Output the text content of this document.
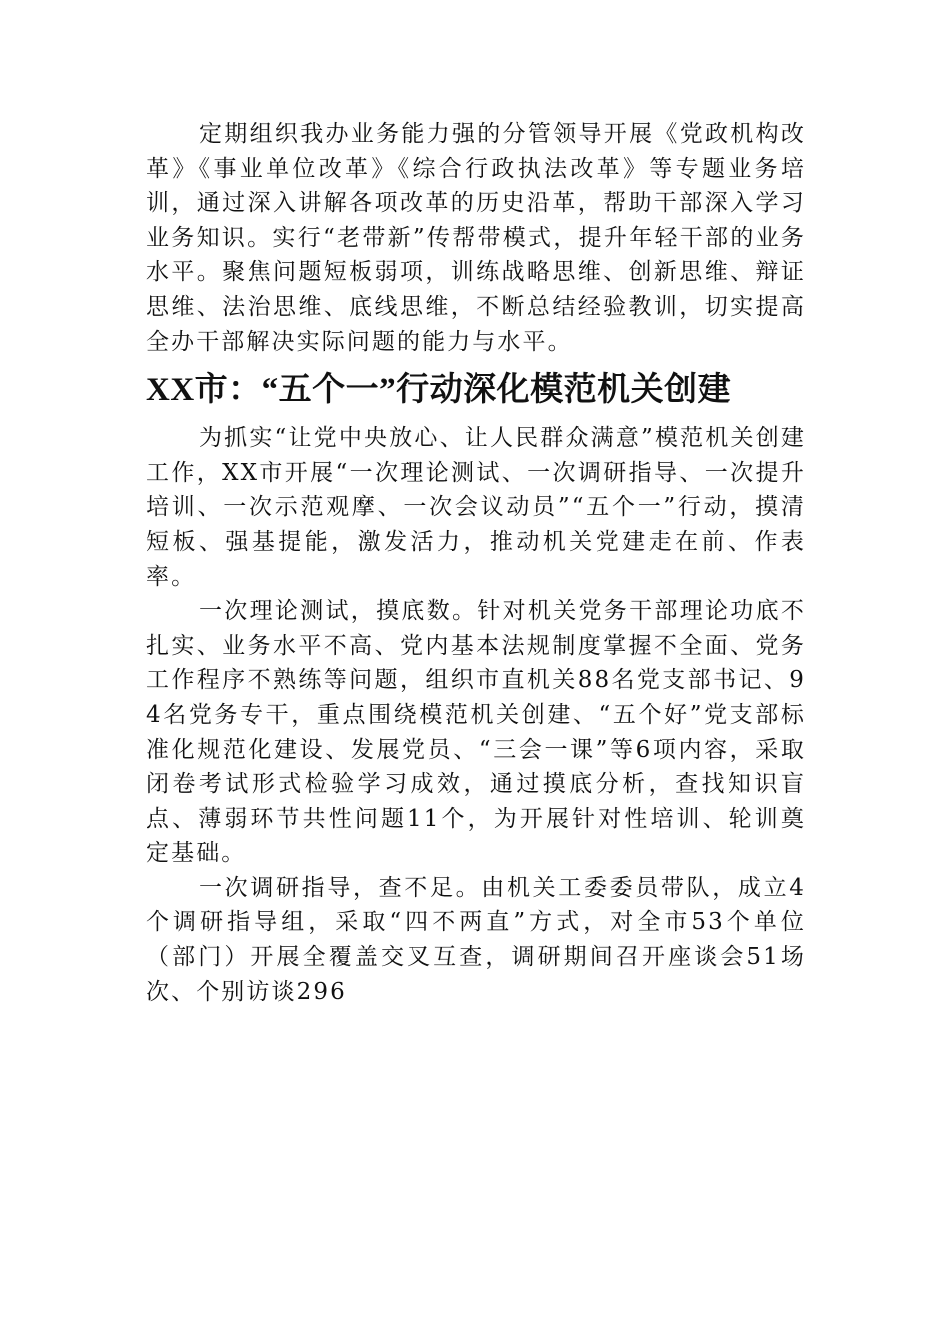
定期组织我办业务能力强的分管领导开展《党政机构改革》《事业单位改革》《综合行政执法改革》等专题业务培训，通过深入讲解各项改革的历史沿革，帮助干部深入学习业务知识。实行“老带新”传帮带模式，提升年轻干部的业务水平。聚焦问题短板弱项，训练战略思维、创新思维、辩证思维、法治思维、底线思维，不断总结经验教训，切实提高全办干部解决实际问题的能力与水平。

XX市：“五个一”行动深化模范机关创建

为抓实“让党中央放心、让人民群众满意”模范机关创建工作，XX市开展“一次理论测试、一次调研指导、一次提升培训、一次示范观摩、一次会议动员”“五个一”行动，摸清短板、强基提能，激发活力，推动机关党建走在前、作表率。

一次理论测试，摸底数。针对机关党务干部理论功底不扎实、业务水平不高、党内基本法规制度掌握不全面、党务工作程序不熟练等问题，组织市直机关88名党支部书记、94名党务专干，重点围绕模范机关创建、“五个好”党支部标准化规范化建设、发展党员、“三会一课”等6项内容，采取闭卷考试形式检验学习成效，通过摸底分析，查找知识盲点、薄弱环节共性问题11个，为开展针对性培训、轮训奠定基础。

一次调研指导，查不足。由机关工委委员带队，成立4个调研指导组，采取“四不两直”方式，对全市53个单位（部门）开展全覆盖交叉互查，调研期间召开座谈会51场次、个别访谈296
